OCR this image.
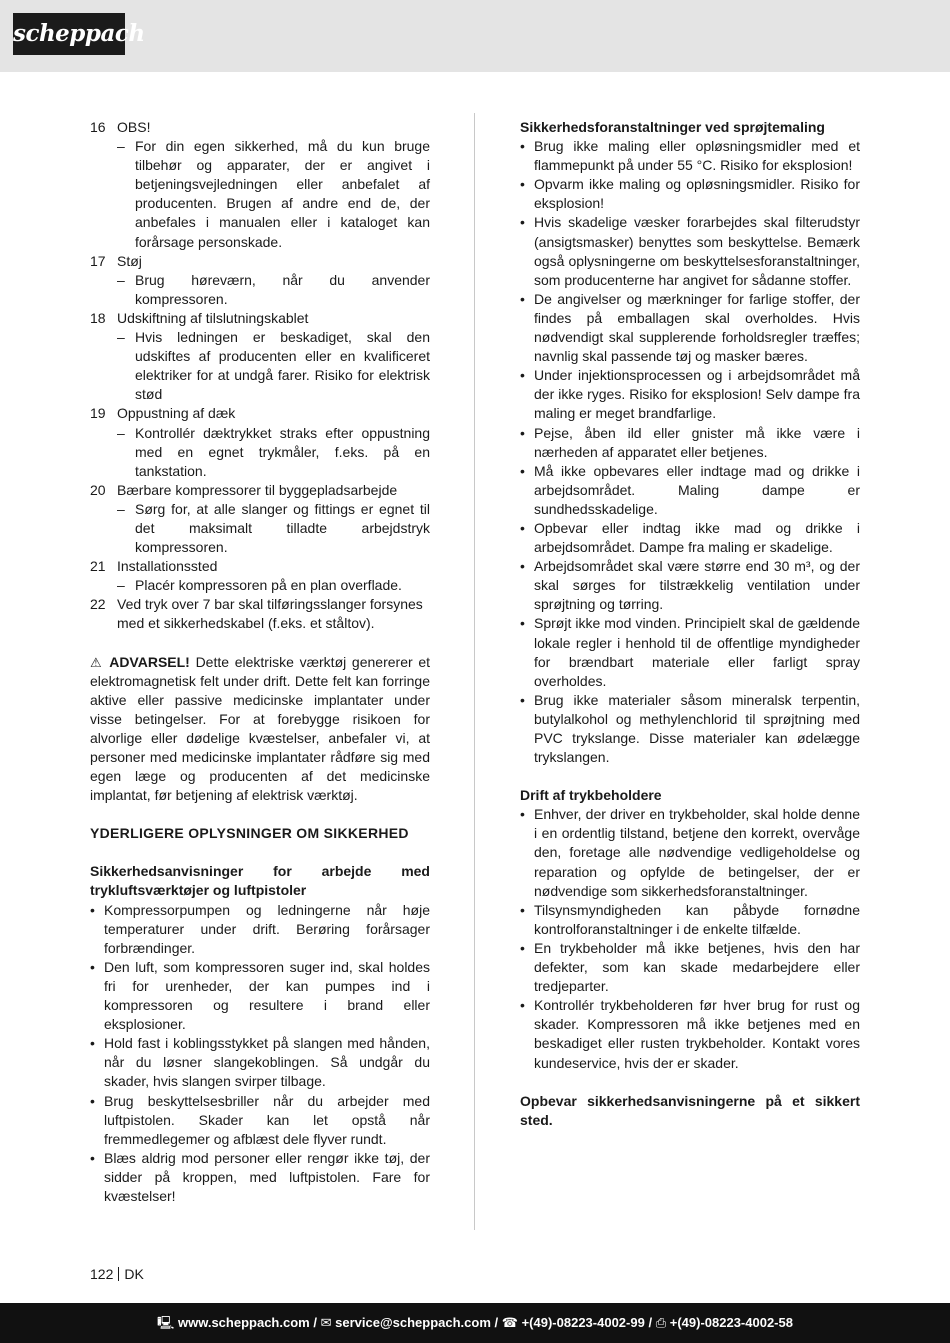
scheppach
16 OBS!
– For din egen sikkerhed, må du kun bruge tilbehør og apparater, der er angivet i betjeningsvejledningen eller anbefalet af producenten. Brugen af andre end de, der anbefales i manualen eller i kataloget kan forårsage personskade.
17 Støj
– Brug høreværn, når du anvender kompressoren.
18 Udskiftning af tilslutningskablet
– Hvis ledningen er beskadiget, skal den udskiftes af producenten eller en kvalificeret elektriker for at undgå farer. Risiko for elektrisk stød
19 Oppustning af dæk
– Kontrollér dæktrykket straks efter oppustning med en egnet trykmåler, f.eks. på en tankstation.
20 Bærbare kompressorer til byggepladsarbejde
– Sørg for, at alle slanger og fittings er egnet til det maksimalt tilladte arbejdstryk kompressoren.
21 Installationssted
– Placér kompressoren på en plan overflade.
22 Ved tryk over 7 bar skal tilføringsslanger forsynes med et sikkerhedskabel (f.eks. et ståltov).

⚠ ADVARSEL! Dette elektriske værktøj genererer et elektromagnetisk felt under drift. Dette felt kan forringe aktive eller passive medicinske implantater under visse betingelser. For at forebygge risikoen for alvorlige eller dødelige kvæstelser, anbefaler vi, at personer med medicinske implantater rådføre sig med egen læge og producenten af det medicinske implantat, før betjening af elektrisk værktøj.

YDERLIGERE OPLYSNINGER OM SIKKERHED
Sikkerhedsanvisninger for arbejde med trykluftsværktøjer og luftpistoler
• Kompressorpumpen og ledningerne når høje temperaturer under drift. Berøring forårsager forbrændinger.
• Den luft, som kompressoren suger ind, skal holdes fri for urenheder, der kan pumpes ind i kompressoren og resultere i brand eller eksplosioner.
• Hold fast i koblingsstykket på slangen med hånden, når du løsner slangekoblingen. Så undgår du skader, hvis slangen svirper tilbage.
• Brug beskyttelsesbriller når du arbejder med luftpistolen. Skader kan let opstå når fremmedlegemer og afblæst dele flyver rundt.
• Blæs aldrig mod personer eller rengør ikke tøj, der sidder på kroppen, med luftpistolen. Fare for kvæstelser!
Sikkerhedsforanstaltninger ved sprøjtemaling
• Brug ikke maling eller opløsningsmidler med et flammepunkt på under 55 °C. Risiko for eksplosion!
• Opvarm ikke maling og opløsningsmidler. Risiko for eksplosion!
• Hvis skadelige væsker forarbejdes skal filterudstyr (ansigtsmasker) benyttes som beskyttelse. Bemærk også oplysningerne om beskyttelsesforanstaltninger, som producenterne har angivet for sådanne stoffer.
• De angivelser og mærkninger for farlige stoffer, der findes på emballagen skal overholdes. Hvis nødvendigt skal supplerende forholdsregler træffes; navnlig skal passende tøj og masker bæres.
• Under injektionsprocessen og i arbejdsområdet må der ikke ryges. Risiko for eksplosion! Selv dampe fra maling er meget brandfarlige.
• Pejse, åben ild eller gnister må ikke være i nærheden af apparatet eller betjenes.
• Må ikke opbevares eller indtage mad og drikke i arbejdsområdet. Maling dampe er sundhedsskadelige.
• Opbevar eller indtag ikke mad og drikke i arbejdsområdet. Dampe fra maling er skadelige.
• Arbejdsområdet skal være større end 30 m³, og der skal sørges for tilstrækkelig ventilation under sprøjtning og tørring.
• Sprøjt ikke mod vinden. Principielt skal de gældende lokale regler i henhold til de offentlige myndigheder for brændbart materiale eller farligt spray overholdes.
• Brug ikke materialer såsom mineralsk terpentin, butylalkohol og methylenchlorid til sprøjtning med PVC trykslange. Disse materialer kan ødelægge trykslangen.
Drift af trykbeholdere
• Enhver, der driver en trykbeholder, skal holde denne i en ordentlig tilstand, betjene den korrekt, overvåge den, foretage alle nødvendige vedligeholdelse og reparation og opfylde de betingelser, der er nødvendige som sikkerhedsforanstaltninger.
• Tilsynsmyndigheden kan påbyde fornødne kontrolforanstaltninger i de enkelte tilfælde.
• En trykbeholder må ikke betjenes, hvis den har defekter, som kan skade medarbejdere eller tredjeparter.
• Kontrollér trykbeholderen før hver brug for rust og skader. Kompressoren må ikke betjenes med en beskadiget eller rusten trykbeholder. Kontakt vores kundeservice, hvis der er skader.
Opbevar sikkerhedsanvisningerne på et sikkert sted.
122 DK
🖳 www.scheppach.com / ✉ service@scheppach.com / ☎ +(49)-08223-4002-99 / ⎙ +(49)-08223-4002-58
